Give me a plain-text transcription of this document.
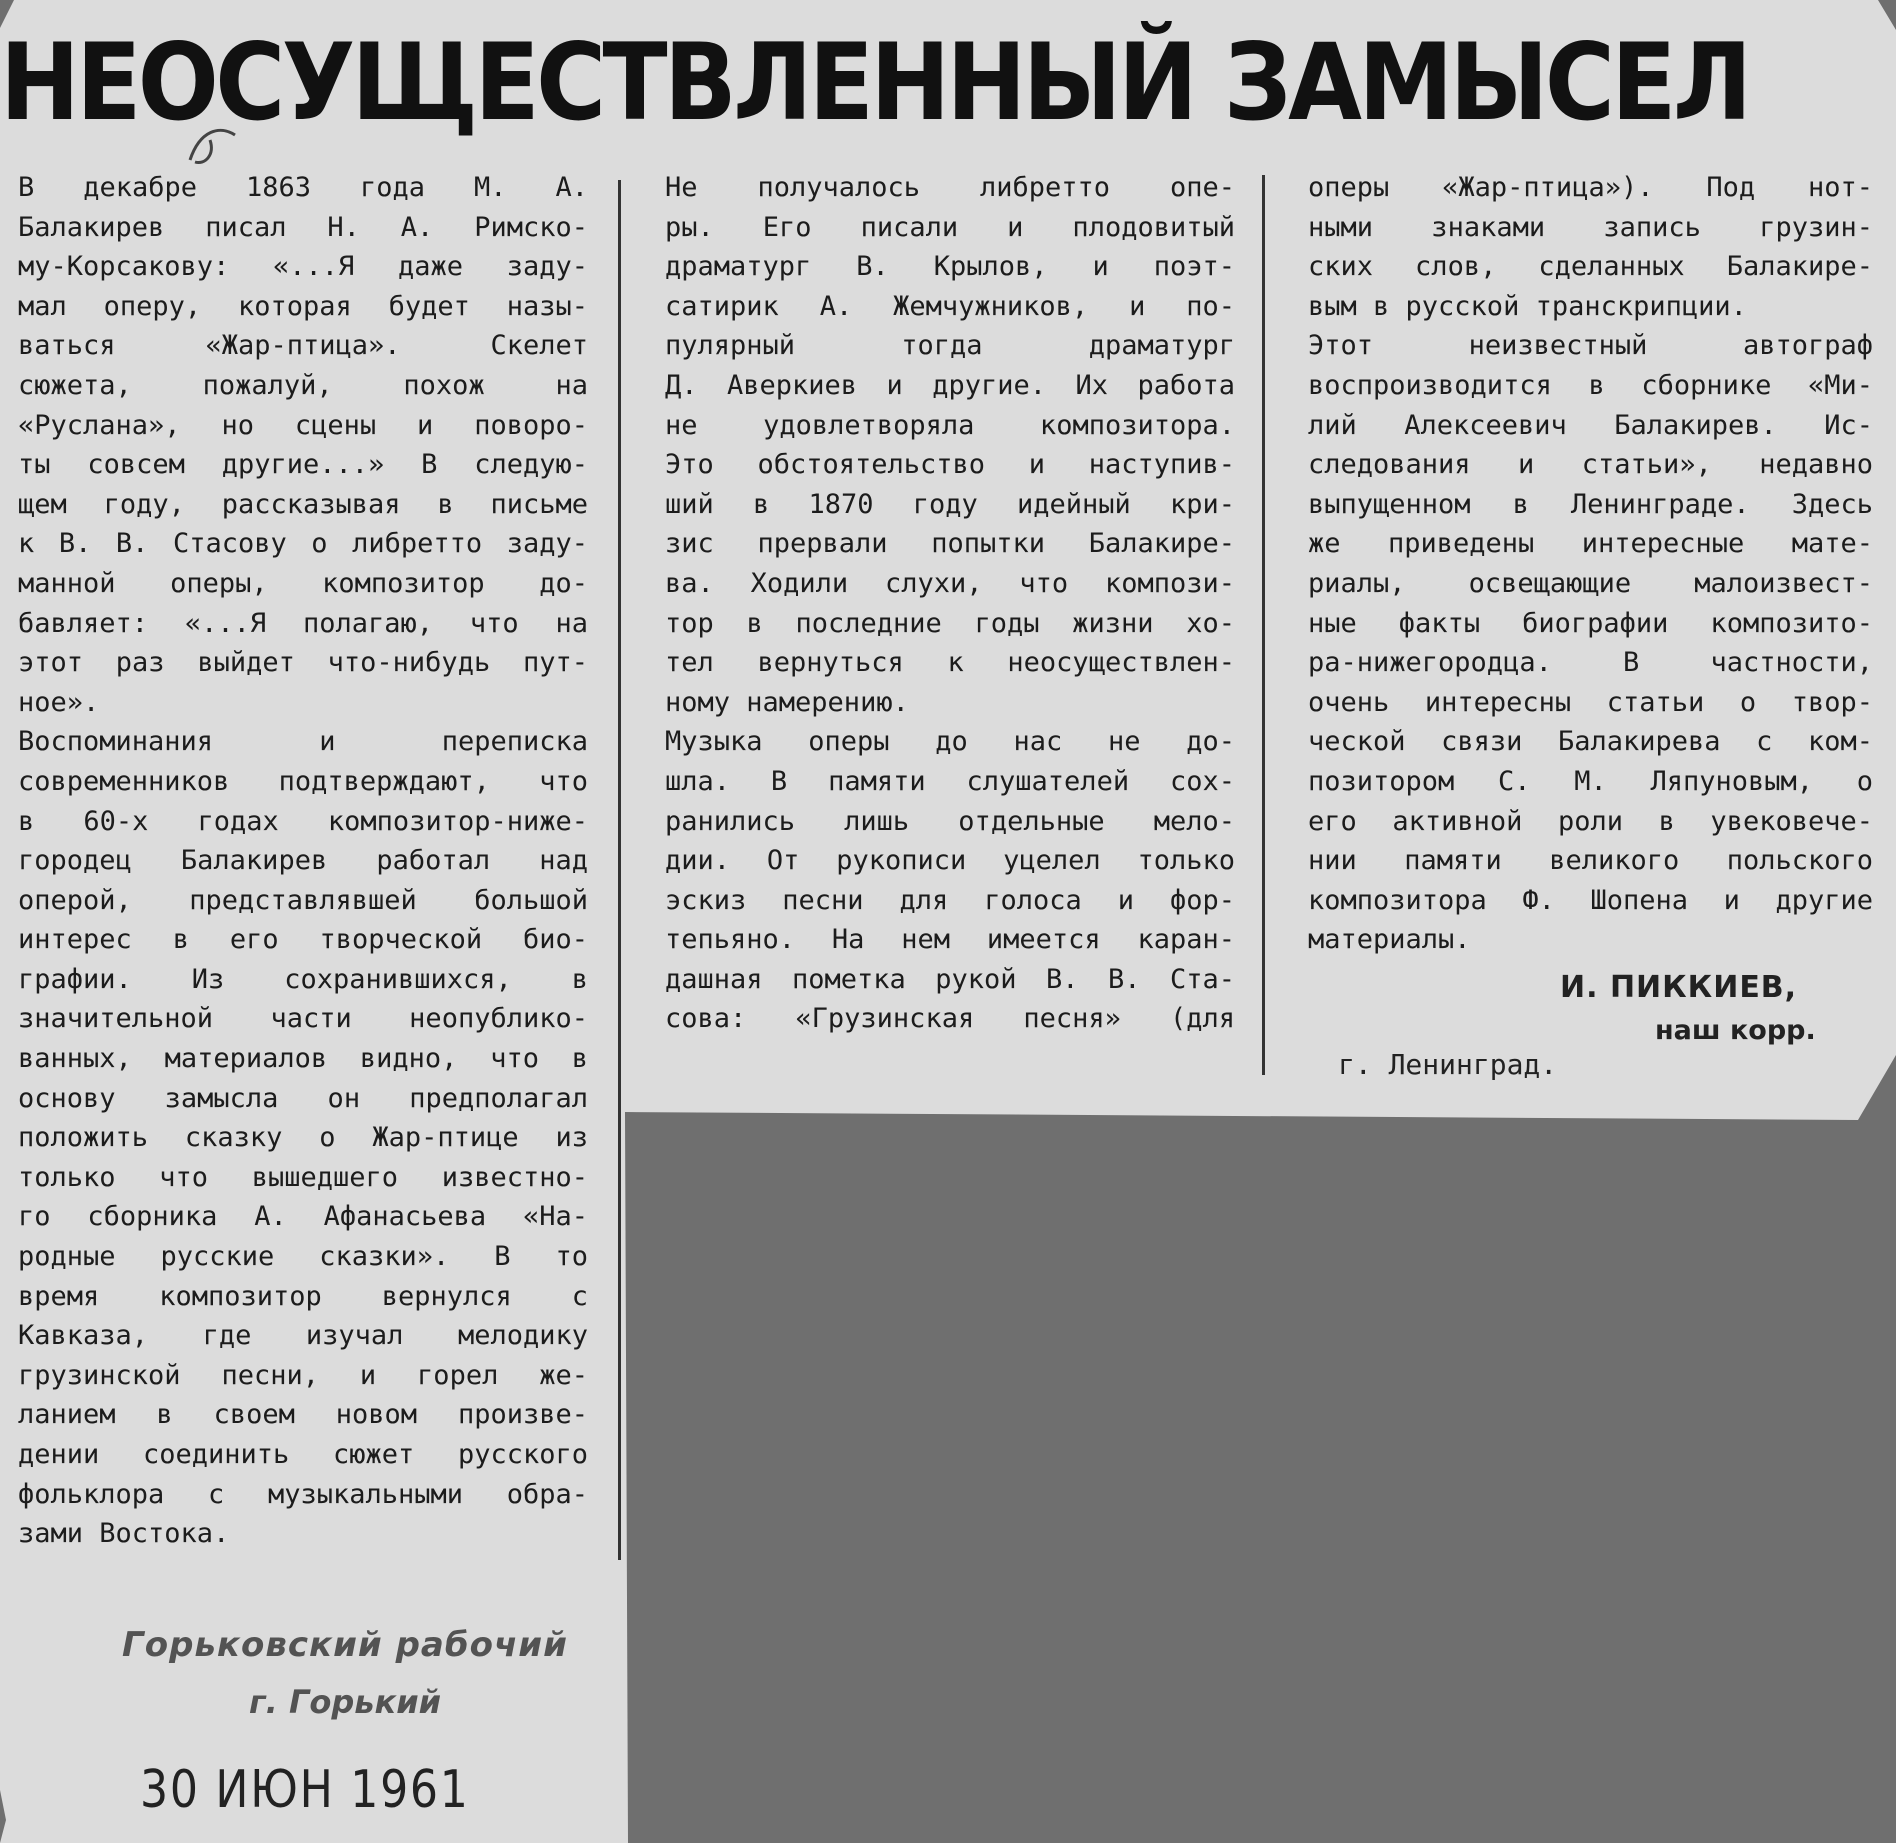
НЕОСУЩЕСТВЛЕННЫЙ ЗАМЫСЕЛ
В декабре 1863 года М. А.
Балакирев писал Н. А. Римско-
му-Корсакову: «...Я даже заду-
мал оперу, которая будет назы-
ваться «Жар-птица». Скелет
сюжета, пожалуй, похож на
«Руслана», но сцены и поворо-
ты совсем другие...» В следую-
щем году, рассказывая в письме
к В. В. Стасову о либретто заду-
манной оперы, композитор до-
бавляет: «...Я полагаю, что на
этот раз выйдет что-нибудь пут-
ное».
Воспоминания и переписка
современников подтверждают, что
в 60-х годах композитор-ниже-
городец Балакирев работал над
оперой, представлявшей большой
интерес в его творческой био-
графии. Из сохранившихся, в
значительной части неопублико-
ванных, материалов видно, что в
основу замысла он предполагал
положить сказку о Жар-птице из
только что вышедшего известно-
го сборника А. Афанасьева «На-
родные русские сказки». В то
время композитор вернулся с
Кавказа, где изучал мелодику
грузинской песни, и горел же-
ланием в своем новом произве-
дении соединить сюжет русского
фольклора с музыкальными обра-
зами Востока.
Не получалось либретто опе-
ры. Его писали и плодовитый
драматург В. Крылов, и поэт-
сатирик А. Жемчужников, и по-
пулярный тогда драматург
Д. Аверкиев и другие. Их работа
не удовлетворяла композитора.
Это обстоятельство и наступив-
ший в 1870 году идейный кри-
зис прервали попытки Балакире-
ва. Ходили слухи, что компози-
тор в последние годы жизни хо-
тел вернуться к неосуществлен-
ному намерению.
Музыка оперы до нас не до-
шла. В памяти слушателей сох-
ранились лишь отдельные мело-
дии. От рукописи уцелел только
эскиз песни для голоса и фор-
тепьяно. На нем имеется каран-
дашная пометка рукой В. В. Ста-
сова: «Грузинская песня» (для
оперы «Жар-птица»). Под нот-
ными знаками запись грузин-
ских слов, сделанных Балакире-
вым в русской транскрипции.
Этот неизвестный автограф
воспроизводится в сборнике «Ми-
лий Алексеевич Балакирев. Ис-
следования и статьи», недавно
выпущенном в Ленинграде. Здесь
же приведены интересные мате-
риалы, освещающие малоизвест-
ные факты биографии композито-
ра-нижегородца. В частности,
очень интересны статьи о твор-
ческой связи Балакирева с ком-
позитором С. М. Ляпуновым, о
его активной роли в увековече-
нии памяти великого польского
композитора Ф. Шопена и другие
материалы.
И. ПИККИЕВ,
наш корр.
г. Ленинград.
Горьковский рабочий
г. Горький
30 ИЮН 1961
